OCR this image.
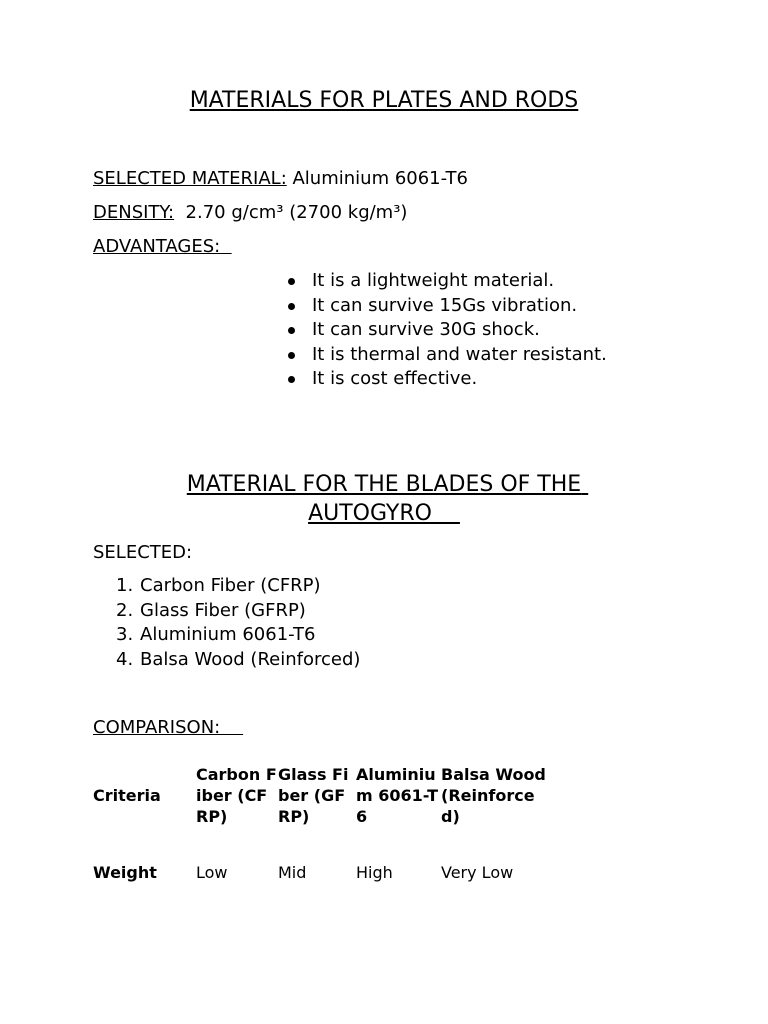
MATERIALS FOR PLATES AND RODS
SELECTED MATERIAL: Aluminium 6061-T6
DENSITY:  2.70 g/cm³ (2700 kg/m³)
ADVANTAGES:
It is a lightweight material.
It can survive 15Gs vibration.
It can survive 30G shock.
It is thermal and water resistant.
It is cost effective.
MATERIAL FOR THE BLADES OF THE AUTOGYRO
SELECTED:
1. Carbon Fiber (CFRP)
2. Glass Fiber (GFRP)
3. Aluminium 6061-T6
4. Balsa Wood (Reinforced)
COMPARISON:
Criteria	Carbon Fiber (CFRP)	Glass Fiber (GFRP)	Aluminium 6061-T6	Balsa Wood (Reinforced)

Weight	Low	Mid	High	Very Low
